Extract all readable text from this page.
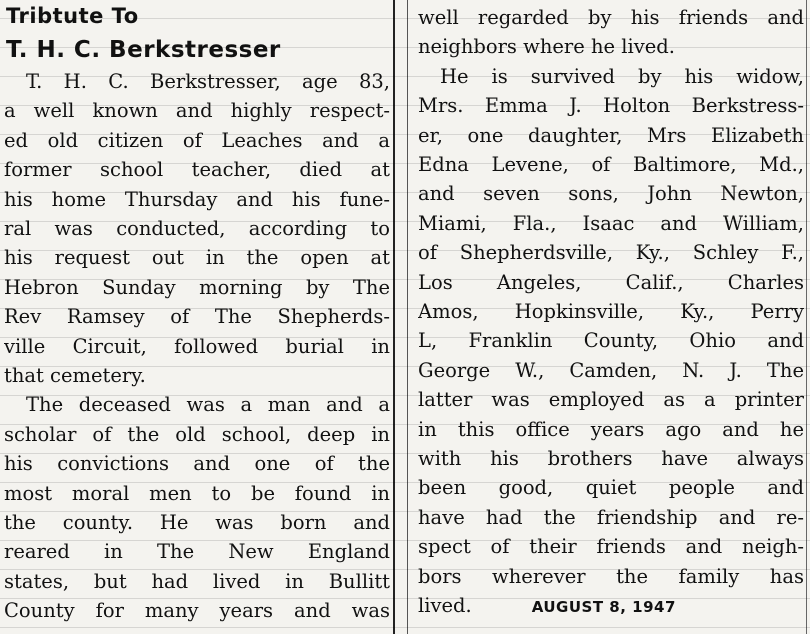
Tribtute To
T. H. C. Berkstresser
T. H. C. Berkstresser, age 83,
a well known and highly respect-
ed old citizen of Leaches and a
former school teacher, died at
his home Thursday and his fune-
ral was conducted, according to
his request out in the open at
Hebron Sunday morning by The
Rev Ramsey of The Shepherds-
ville Circuit, followed burial in
that cemetery.
The deceased was a man and a
scholar of the old school, deep in
his convictions and one of the
most moral men to be found in
the county. He was born and
reared in The New England
states, but had lived in Bullitt
County for many years and was
well regarded by his friends and
neighbors where he lived.
He is survived by his widow,
Mrs. Emma J. Holton Berkstress-
er, one daughter, Mrs Elizabeth
Edna Levene, of Baltimore, Md.,
and seven sons, John Newton,
Miami, Fla., Isaac and William,
of Shepherdsville, Ky., Schley F.,
Los Angeles, Calif., Charles
Amos, Hopkinsville, Ky., Perry
L, Franklin County, Ohio and
George W., Camden, N. J. The
latter was employed as a printer
in this office years ago and he
with his brothers have always
been good, quiet people and
have had the friendship and re-
spect of their friends and neigh-
bors wherever the family has
lived.	AUGUST 8, 1947
